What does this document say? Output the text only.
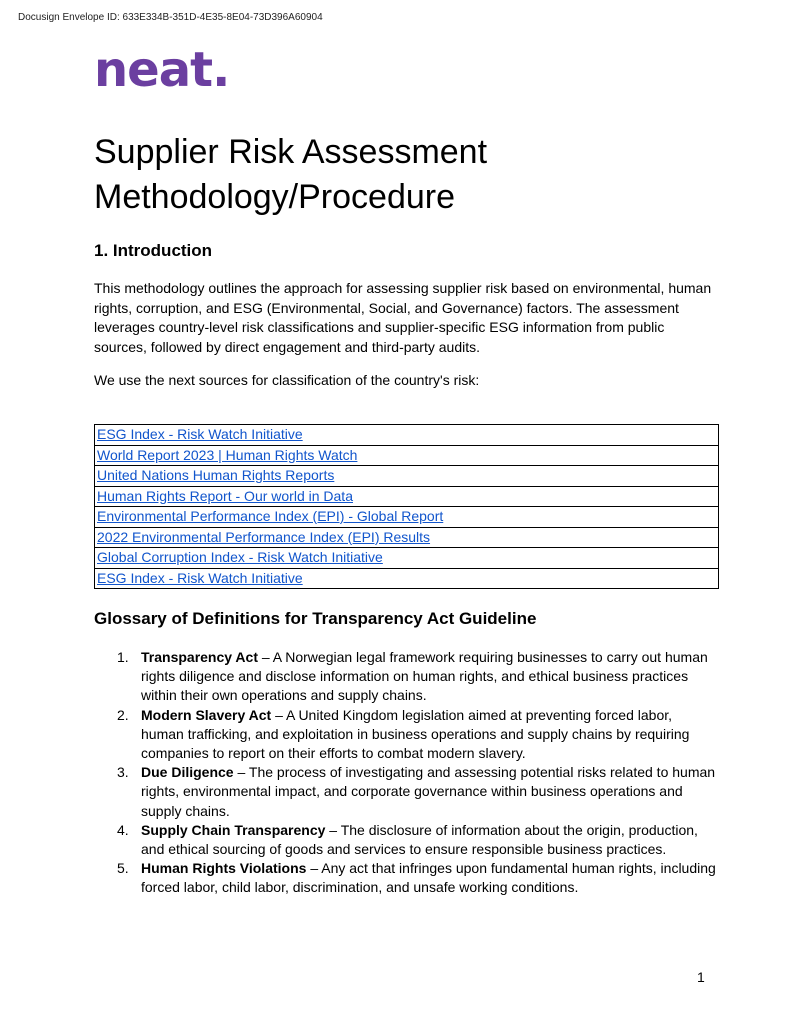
Docusign Envelope ID: 633E334B-351D-4E35-8E04-73D396A60904
neat.
Supplier Risk Assessment
Methodology/Procedure
1. Introduction

This methodology outlines the approach for assessing supplier risk based on environmental, human rights, corruption, and ESG (Environmental, Social, and Governance) factors. The assessment leverages country-level risk classifications and supplier-specific ESG information from public sources, followed by direct engagement and third-party audits.

We use the next sources for classification of the country's risk:

ESG Index - Risk Watch Initiative
World Report 2023 | Human Rights Watch
United Nations Human Rights Reports
Human Rights Report - Our world in Data
Environmental Performance Index (EPI) - Global Report
2022 Environmental Performance Index (EPI) Results
Global Corruption Index - Risk Watch Initiative
ESG Index - Risk Watch Initiative
Glossary of Definitions for Transparency Act Guideline
1. Transparency Act – A Norwegian legal framework requiring businesses to carry out human rights diligence and disclose information on human rights, and ethical business practices within their own operations and supply chains.
2. Modern Slavery Act – A United Kingdom legislation aimed at preventing forced labor, human trafficking, and exploitation in business operations and supply chains by requiring companies to report on their efforts to combat modern slavery.
3. Due Diligence – The process of investigating and assessing potential risks related to human rights, environmental impact, and corporate governance within business operations and supply chains.
4. Supply Chain Transparency – The disclosure of information about the origin, production, and ethical sourcing of goods and services to ensure responsible business practices.
5. Human Rights Violations – Any act that infringes upon fundamental human rights, including forced labor, child labor, discrimination, and unsafe working conditions.
1
